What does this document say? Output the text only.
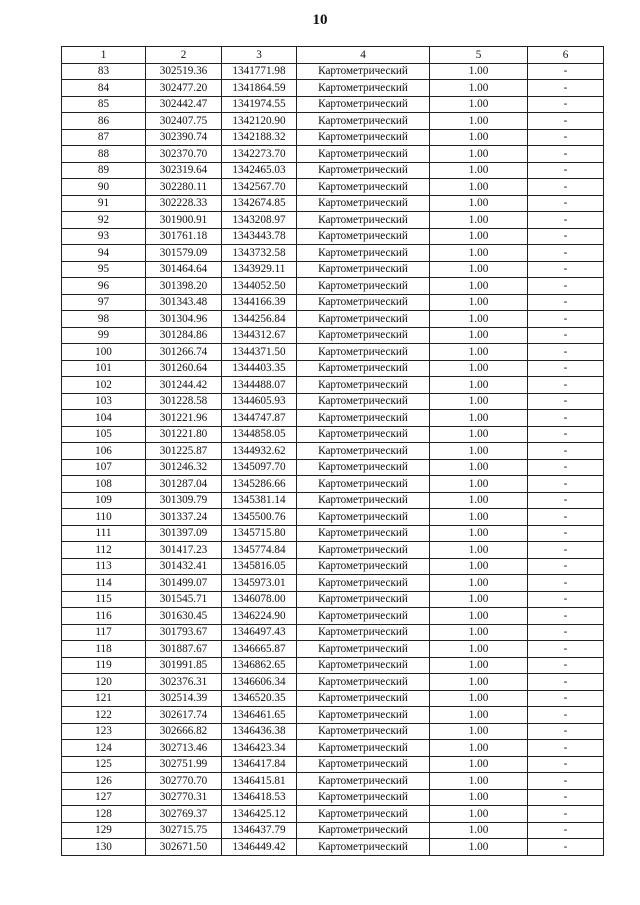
10
1	2	3	4	5	6
83	302519.36	1341771.98	Картометрический	1.00	-
84	302477.20	1341864.59	Картометрический	1.00	-
85	302442.47	1341974.55	Картометрический	1.00	-
86	302407.75	1342120.90	Картометрический	1.00	-
87	302390.74	1342188.32	Картометрический	1.00	-
88	302370.70	1342273.70	Картометрический	1.00	-
89	302319.64	1342465.03	Картометрический	1.00	-
90	302280.11	1342567.70	Картометрический	1.00	-
91	302228.33	1342674.85	Картометрический	1.00	-
92	301900.91	1343208.97	Картометрический	1.00	-
93	301761.18	1343443.78	Картометрический	1.00	-
94	301579.09	1343732.58	Картометрический	1.00	-
95	301464.64	1343929.11	Картометрический	1.00	-
96	301398.20	1344052.50	Картометрический	1.00	-
97	301343.48	1344166.39	Картометрический	1.00	-
98	301304.96	1344256.84	Картометрический	1.00	-
99	301284.86	1344312.67	Картометрический	1.00	-
100	301266.74	1344371.50	Картометрический	1.00	-
101	301260.64	1344403.35	Картометрический	1.00	-
102	301244.42	1344488.07	Картометрический	1.00	-
103	301228.58	1344605.93	Картометрический	1.00	-
104	301221.96	1344747.87	Картометрический	1.00	-
105	301221.80	1344858.05	Картометрический	1.00	-
106	301225.87	1344932.62	Картометрический	1.00	-
107	301246.32	1345097.70	Картометрический	1.00	-
108	301287.04	1345286.66	Картометрический	1.00	-
109	301309.79	1345381.14	Картометрический	1.00	-
110	301337.24	1345500.76	Картометрический	1.00	-
111	301397.09	1345715.80	Картометрический	1.00	-
112	301417.23	1345774.84	Картометрический	1.00	-
113	301432.41	1345816.05	Картометрический	1.00	-
114	301499.07	1345973.01	Картометрический	1.00	-
115	301545.71	1346078.00	Картометрический	1.00	-
116	301630.45	1346224.90	Картометрический	1.00	-
117	301793.67	1346497.43	Картометрический	1.00	-
118	301887.67	1346665.87	Картометрический	1.00	-
119	301991.85	1346862.65	Картометрический	1.00	-
120	302376.31	1346606.34	Картометрический	1.00	-
121	302514.39	1346520.35	Картометрический	1.00	-
122	302617.74	1346461.65	Картометрический	1.00	-
123	302666.82	1346436.38	Картометрический	1.00	-
124	302713.46	1346423.34	Картометрический	1.00	-
125	302751.99	1346417.84	Картометрический	1.00	-
126	302770.70	1346415.81	Картометрический	1.00	-
127	302770.31	1346418.53	Картометрический	1.00	-
128	302769.37	1346425.12	Картометрический	1.00	-
129	302715.75	1346437.79	Картометрический	1.00	-
130	302671.50	1346449.42	Картометрический	1.00	-
